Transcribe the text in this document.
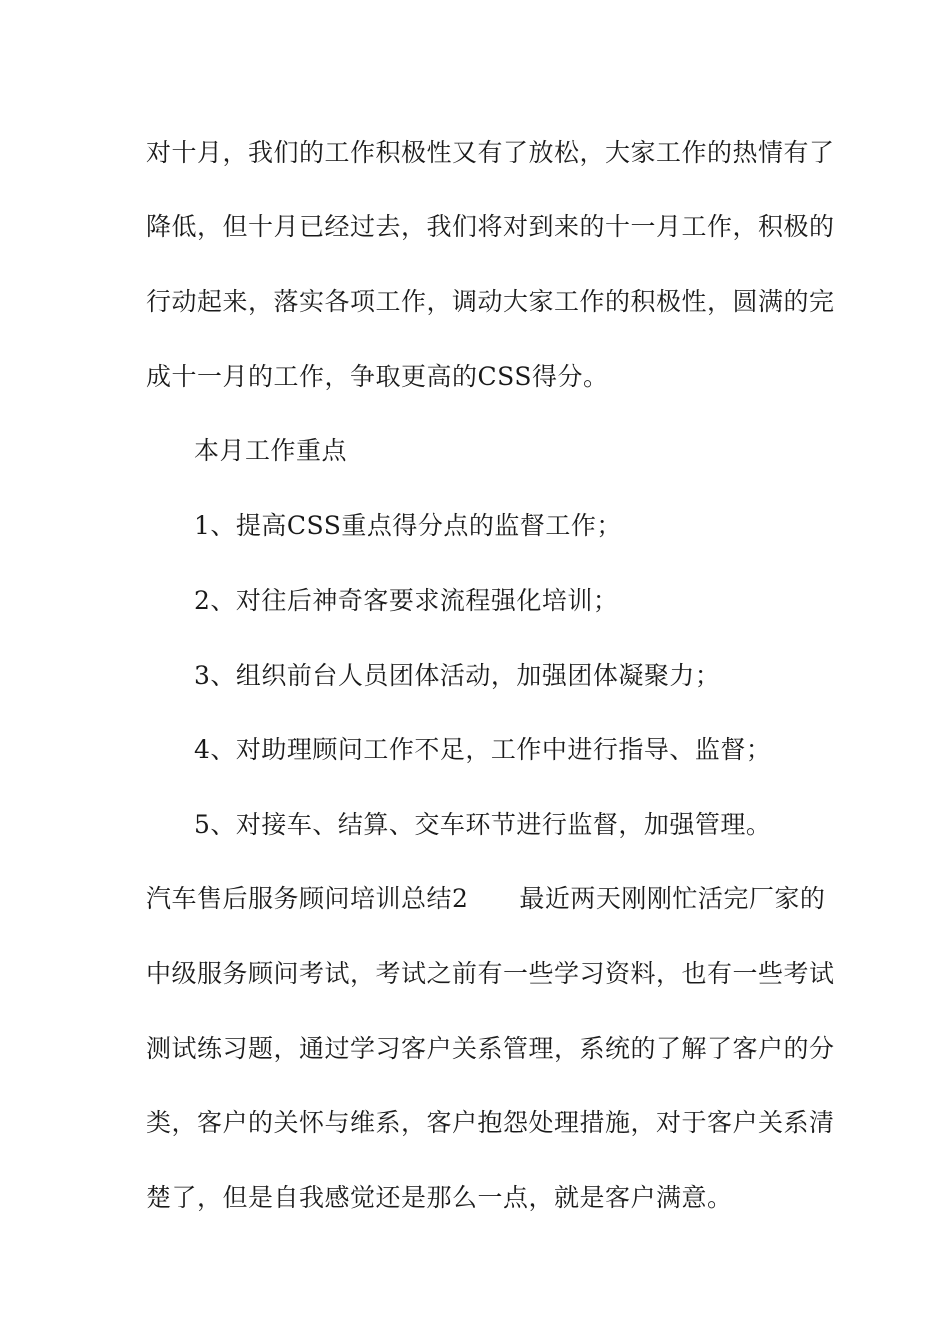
对十月，我们的工作积极性又有了放松，大家工作的热情有了
降低，但十月已经过去，我们将对到来的十一月工作，积极的
行动起来，落实各项工作，调动大家工作的积极性，圆满的完
成十一月的工作，争取更高的CSS得分。
本月工作重点
1、提高CSS重点得分点的监督工作；
2、对往后神奇客要求流程强化培训；
3、组织前台人员团体活动，加强团体凝聚力；
4、对助理顾问工作不足，工作中进行指导、监督；
5、对接车、结算、交车环节进行监督，加强管理。
汽车售后服务顾问培训总结2　　最近两天刚刚忙活完厂家的
中级服务顾问考试，考试之前有一些学习资料，也有一些考试
测试练习题，通过学习客户关系管理，系统的了解了客户的分
类，客户的关怀与维系，客户抱怨处理措施，对于客户关系清
楚了，但是自我感觉还是那么一点，就是客户满意。
